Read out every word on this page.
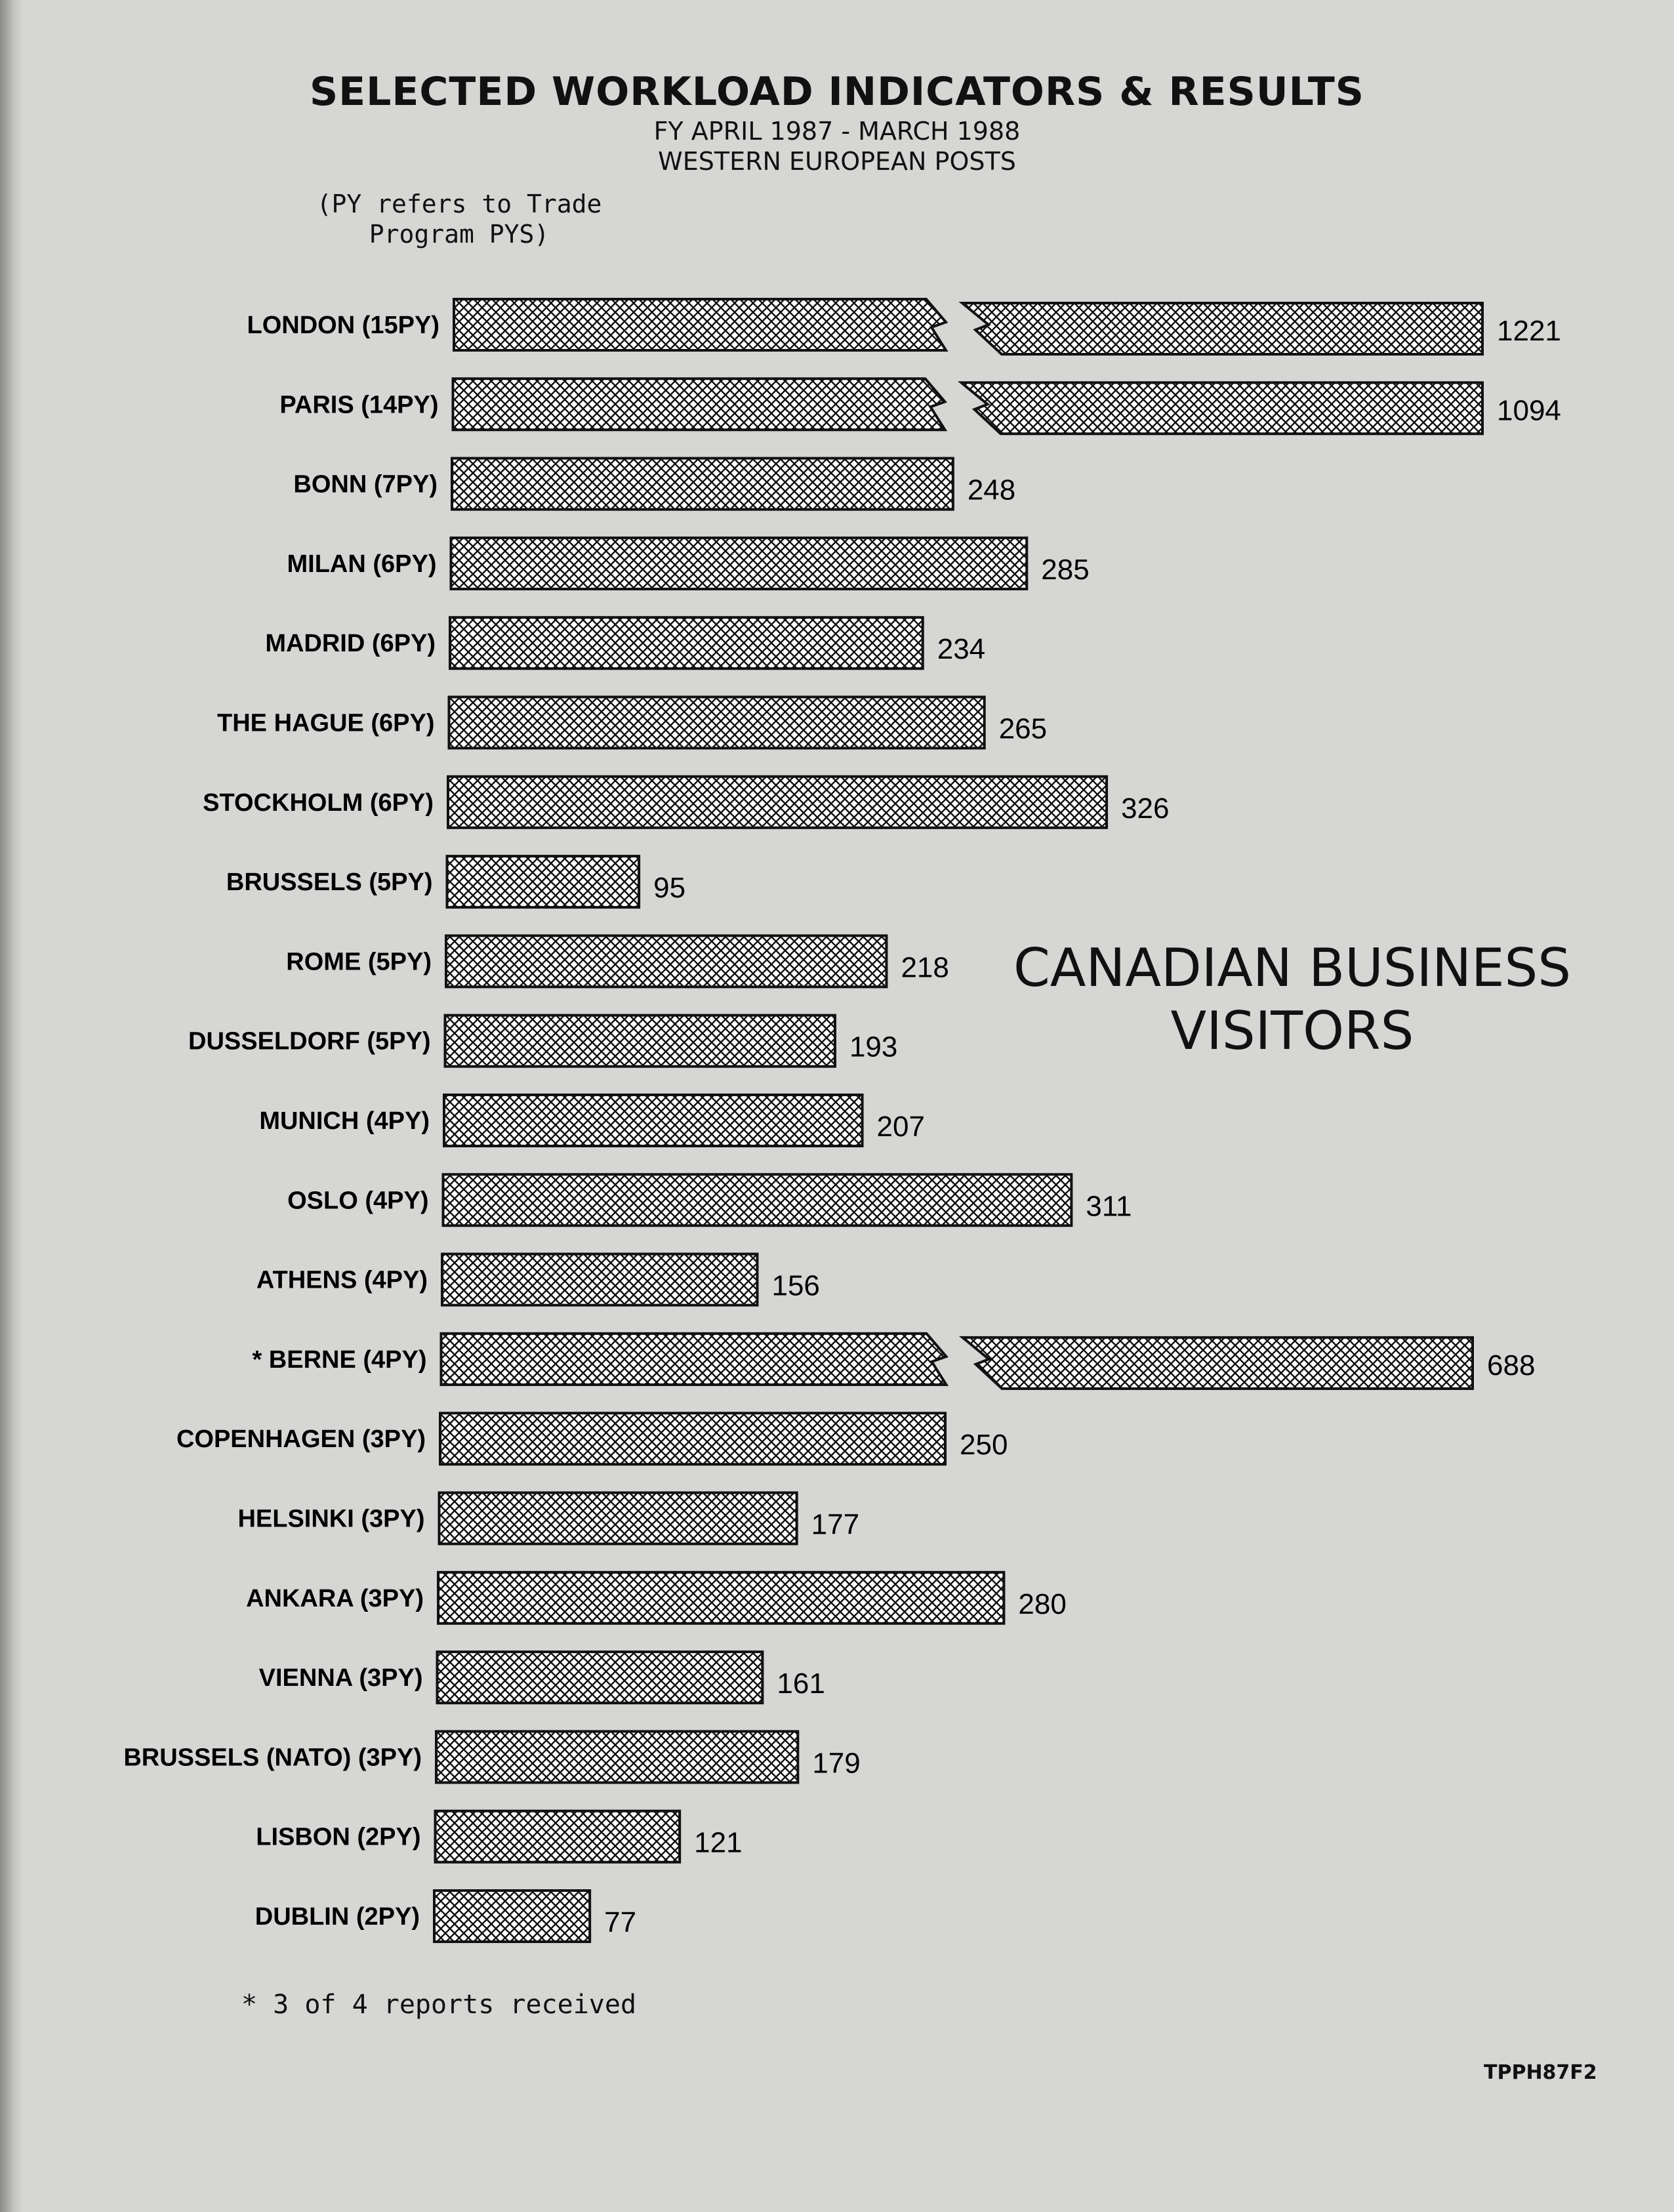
SELECTED WORKLOAD INDICATORS & RESULTS
FY APRIL 1987 - MARCH 1988
WESTERN EUROPEAN POSTS
(PY refers to Trade
Program PYS)
CANADIAN BUSINESS
VISITORS
LONDON (15PY)	1221
PARIS (14PY)	1094
BONN (7PY)	248
MILAN (6PY)	285
MADRID (6PY)	234
THE HAGUE (6PY)	265
STOCKHOLM (6PY)	326
BRUSSELS (5PY)	95
ROME (5PY)	218
DUSSELDORF (5PY)	193
MUNICH (4PY)	207
OSLO (4PY)	311
ATHENS (4PY)	156
* BERNE (4PY)	688
COPENHAGEN (3PY)	250
HELSINKI (3PY)	177
ANKARA (3PY)	280
VIENNA (3PY)	161
BRUSSELS (NATO) (3PY)	179
LISBON (2PY)	121
DUBLIN (2PY)	77
* 3 of 4 reports received
TPPH87F2
